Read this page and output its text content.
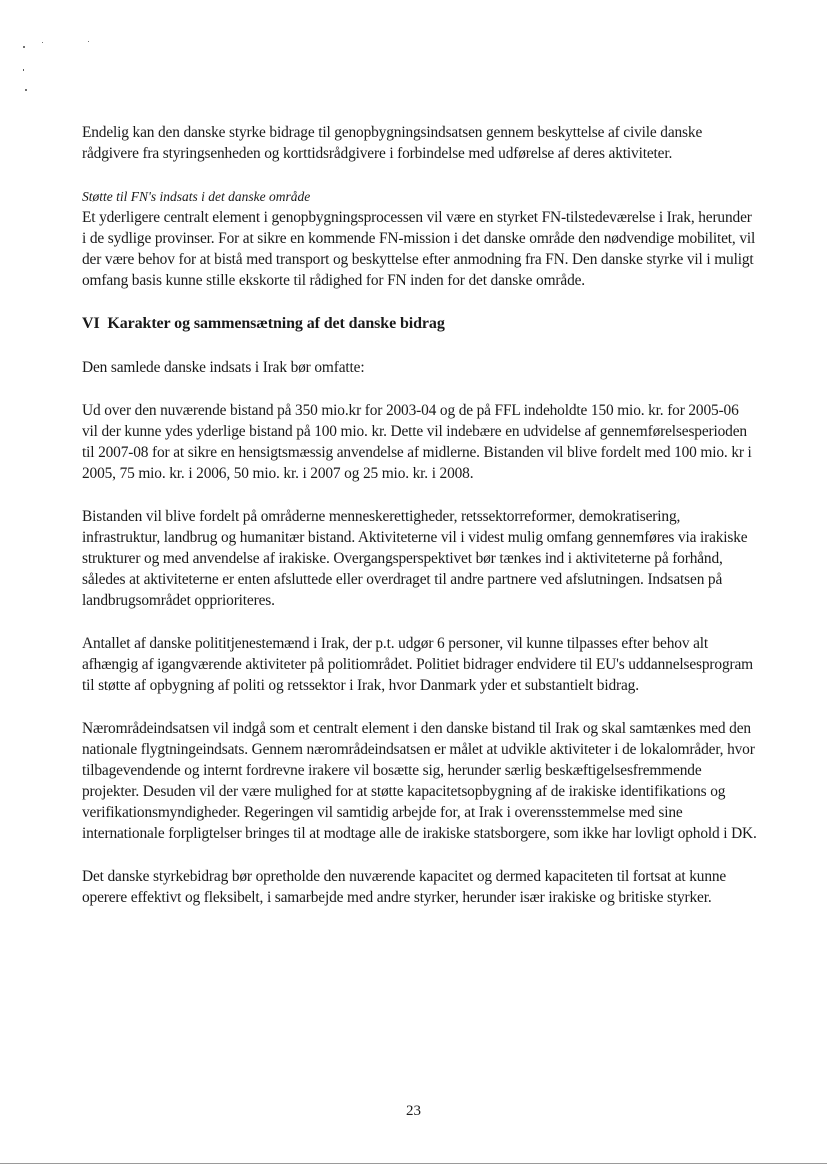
Endelig kan den danske styrke bidrage til genopbygningsindsatsen gennem beskyttelse af civile danske rådgivere fra styringsenheden og korttidsrådgivere i forbindelse med udførelse af deres aktiviteter.

Støtte til FN's indsats i det danske område

Et yderligere centralt element i genopbygningsprocessen vil være en styrket FN-tilstedeværelse i Irak, herunder i de sydlige provinser. For at sikre en kommende FN-mission i det danske område den nødvendige mobilitet, vil der være behov for at bistå med transport og beskyttelse efter anmodning fra FN. Den danske styrke vil i muligt omfang basis kunne stille ekskorte til rådighed for FN inden for det danske område.

VI  Karakter og sammensætning af det danske bidrag

Den samlede danske indsats i Irak bør omfatte:

Ud over den nuværende bistand på 350 mio.kr for 2003-04 og de på FFL indeholdte 150 mio. kr. for 2005-06 vil der kunne ydes yderlige bistand på 100 mio. kr. Dette vil indebære en udvidelse af gennemførelsesperioden til 2007-08 for at sikre en hensigtsmæssig anvendelse af midlerne. Bistanden vil blive fordelt med 100 mio. kr i 2005, 75 mio. kr. i 2006, 50 mio. kr. i 2007 og 25 mio. kr. i 2008.

Bistanden vil blive fordelt på områderne menneskerettigheder, retssektorreformer, demokratisering, infrastruktur, landbrug og humanitær bistand. Aktiviteterne vil i videst mulig omfang gennemføres via irakiske strukturer og med anvendelse af irakiske. Overgangsperspektivet bør tænkes ind i aktiviteterne på forhånd, således at aktiviteterne er enten afsluttede eller overdraget til andre partnere ved afslutningen. Indsatsen på landbrugsområdet opprioriteres.

Antallet af danske polititjenestemænd i Irak, der p.t. udgør 6 personer, vil kunne tilpasses efter behov alt afhængig af igangværende aktiviteter på politiområdet. Politiet bidrager endvidere til EU's uddannelsesprogram til støtte af opbygning af politi og retssektor i Irak, hvor Danmark yder et substantielt bidrag.

Nærområdeindsatsen vil indgå som et centralt element i den danske bistand til Irak og skal samtænkes med den nationale flygtningeindsats. Gennem nærområdeindsatsen er målet at udvikle aktiviteter i de lokalområder, hvor tilbagevendende og internt fordrevne irakere vil bosætte sig, herunder særlig beskæftigelsesfremmende projekter. Desuden vil der være mulighed for at støtte kapacitetsopbygning af de irakiske identifikations og verifikationsmyndigheder. Regeringen vil samtidig arbejde for, at Irak i overensstemmelse med sine internationale forpligtelser bringes til at modtage alle de irakiske statsborgere, som ikke har lovligt ophold i DK.

Det danske styrkebidrag bør opretholde den nuværende kapacitet og dermed kapaciteten til fortsat at kunne operere effektivt og fleksibelt, i samarbejde med andre styrker, herunder især irakiske og britiske styrker.

23
